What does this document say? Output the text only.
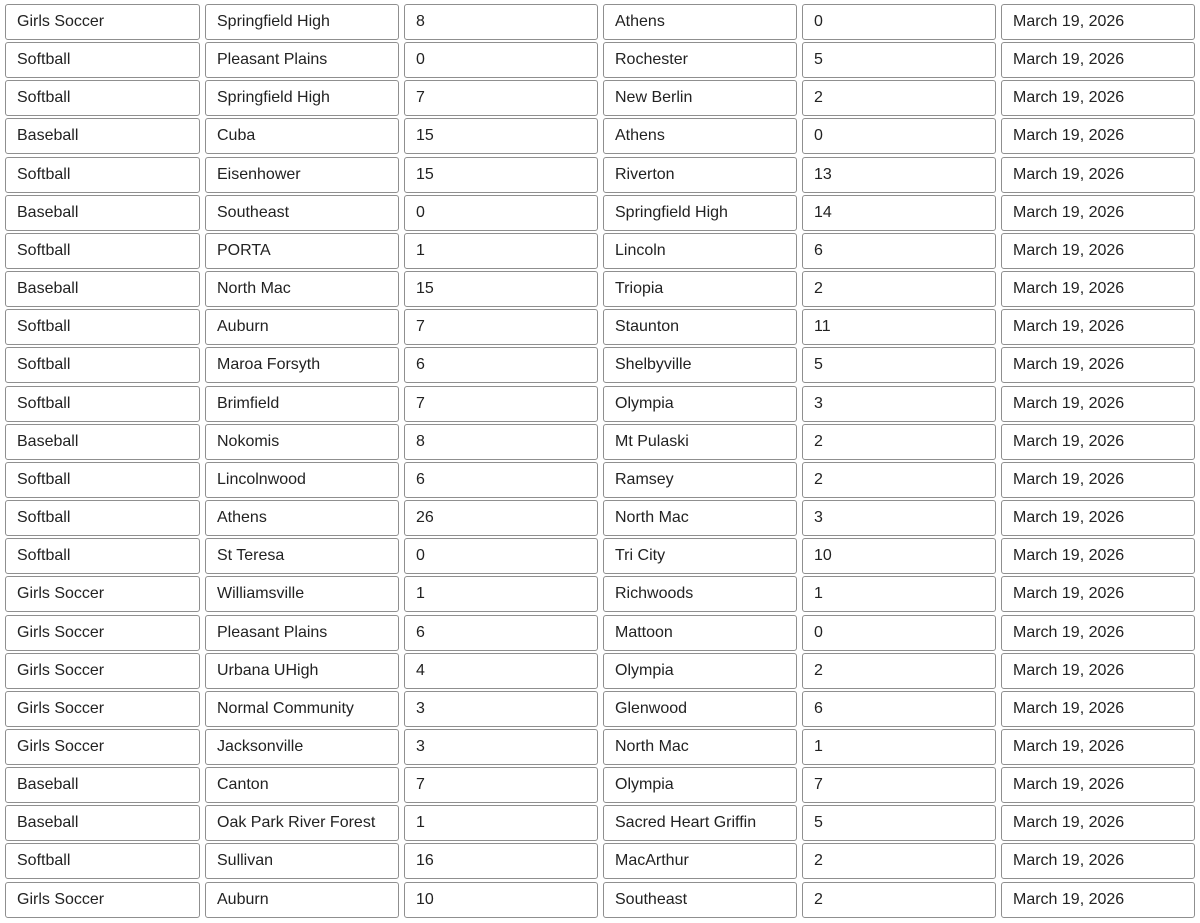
Girls Soccer	Springfield High	8	Athens	0	March 19, 2026
Softball	Pleasant Plains	0	Rochester	5	March 19, 2026
Softball	Springfield High	7	New Berlin	2	March 19, 2026
Baseball	Cuba	15	Athens	0	March 19, 2026
Softball	Eisenhower	15	Riverton	13	March 19, 2026
Baseball	Southeast	0	Springfield High	14	March 19, 2026
Softball	PORTA	1	Lincoln	6	March 19, 2026
Baseball	North Mac	15	Triopia	2	March 19, 2026
Softball	Auburn	7	Staunton	11	March 19, 2026
Softball	Maroa Forsyth	6	Shelbyville	5	March 19, 2026
Softball	Brimfield	7	Olympia	3	March 19, 2026
Baseball	Nokomis	8	Mt Pulaski	2	March 19, 2026
Softball	Lincolnwood	6	Ramsey	2	March 19, 2026
Softball	Athens	26	North Mac	3	March 19, 2026
Softball	St Teresa	0	Tri City	10	March 19, 2026
Girls Soccer	Williamsville	1	Richwoods	1	March 19, 2026
Girls Soccer	Pleasant Plains	6	Mattoon	0	March 19, 2026
Girls Soccer	Urbana UHigh	4	Olympia	2	March 19, 2026
Girls Soccer	Normal Community	3	Glenwood	6	March 19, 2026
Girls Soccer	Jacksonville	3	North Mac	1	March 19, 2026
Baseball	Canton	7	Olympia	7	March 19, 2026
Baseball	Oak Park River Forest	1	Sacred Heart Griffin	5	March 19, 2026
Softball	Sullivan	16	MacArthur	2	March 19, 2026
Girls Soccer	Auburn	10	Southeast	2	March 19, 2026
